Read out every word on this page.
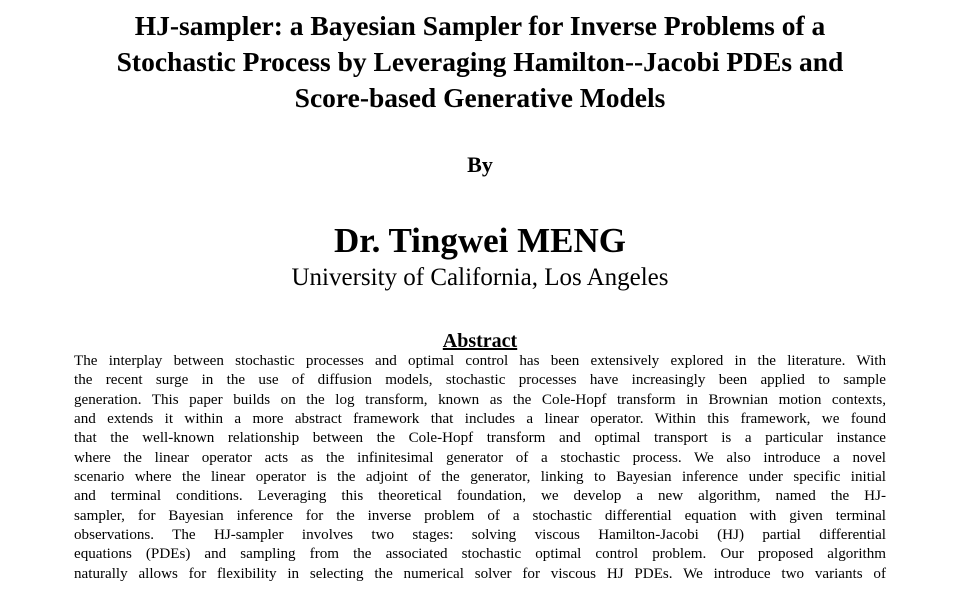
HJ-sampler: a Bayesian Sampler for Inverse Problems of a
Stochastic Process by Leveraging Hamilton--Jacobi PDEs and
Score-based Generative Models
By
Dr. Tingwei MENG
University of California, Los Angeles
Abstract
The interplay between stochastic processes and optimal control has been extensively explored in the literature. With
the recent surge in the use of diffusion models, stochastic processes have increasingly been applied to sample
generation. This paper builds on the log transform, known as the Cole-Hopf transform in Brownian motion contexts,
and extends it within a more abstract framework that includes a linear operator. Within this framework, we found
that the well-known relationship between the Cole-Hopf transform and optimal transport is a particular instance
where the linear operator acts as the infinitesimal generator of a stochastic process. We also introduce a novel
scenario where the linear operator is the adjoint of the generator, linking to Bayesian inference under specific initial
and terminal conditions. Leveraging this theoretical foundation, we develop a new algorithm, named the HJ-
sampler, for Bayesian inference for the inverse problem of a stochastic differential equation with given terminal
observations. The HJ-sampler involves two stages: solving viscous Hamilton-Jacobi (HJ) partial differential
equations (PDEs) and sampling from the associated stochastic optimal control problem. Our proposed algorithm
naturally allows for flexibility in selecting the numerical solver for viscous HJ PDEs. We introduce two variants of
